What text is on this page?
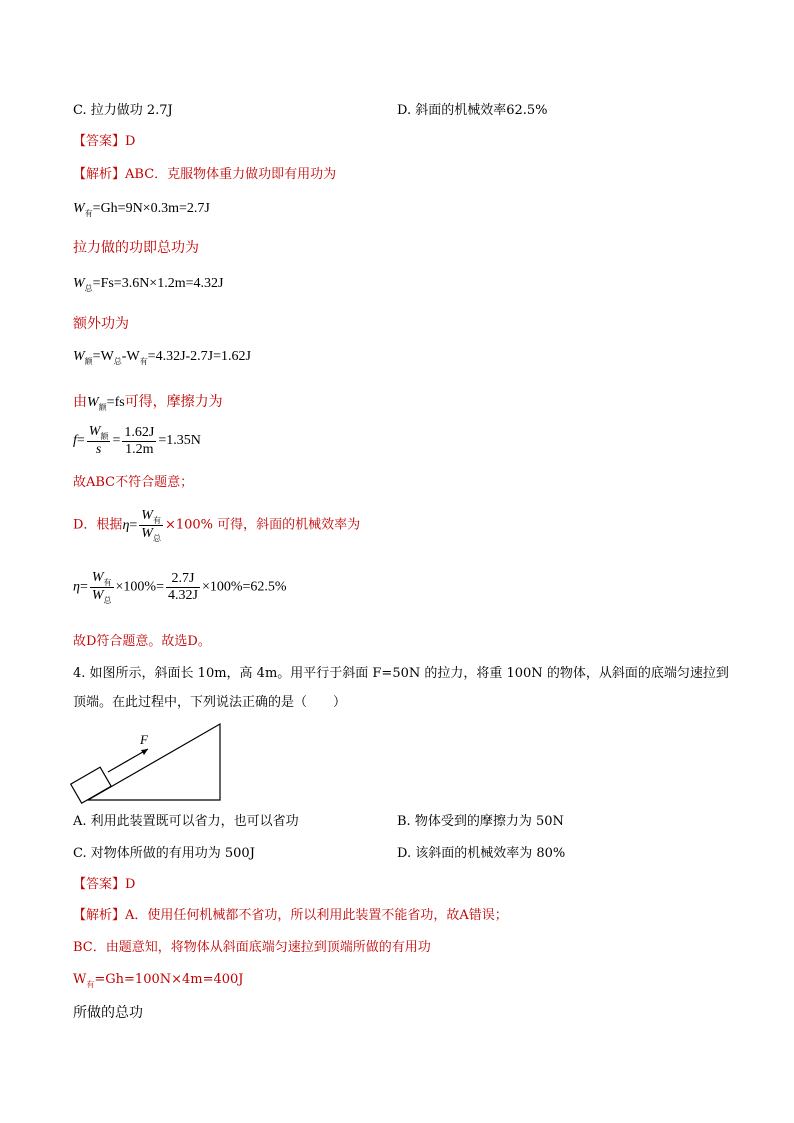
C. 拉力做功 2.7J	D. 斜面的机械效率62.5%
【答案】D
【解析】ABC．克服物体重力做功即有用功为
$W_有=Gh=9N\times 0.3m=2.7J$
拉力做的功即总功为
$W_总=Fs=3.6N\times 1.2m=4.32J$
额外功为
$W_额=W_总-W_有=4.32J-2.7J=1.62J$
由$W_额=fs$可得，摩擦力为
$f= \frac{W_额}{s} = \frac{1.62J}{1.2m} =1.35N$
故ABC不符合题意；
D．根据$\eta= \frac{W_有}{W_总} \times 100\%$ 可得，斜面的机械效率为
$\eta= \frac{W_有}{W_总} \times 100\%= \frac{2.7J}{4.32J} \times 100\%=62.5\%$
故D符合题意。故选D。
4. 如图所示，斜面长 10m，高 4m。用平行于斜面 F=50N 的拉力，将重 100N 的物体，从斜面的底端匀速拉到
顶端。在此过程中，下列说法正确的是（　　）
F
A. 利用此装置既可以省力，也可以省功	B. 物体受到的摩擦力为 50N
C. 对物体所做的有用功为 500J	D. 该斜面的机械效率为 80%
【答案】D
【解析】A．使用任何机械都不省功，所以利用此装置不能省功，故A错误；
BC．由题意知，将物体从斜面底端匀速拉到顶端所做的有用功
$W_有=Gh=100N\times 4m=400J$
所做的总功
